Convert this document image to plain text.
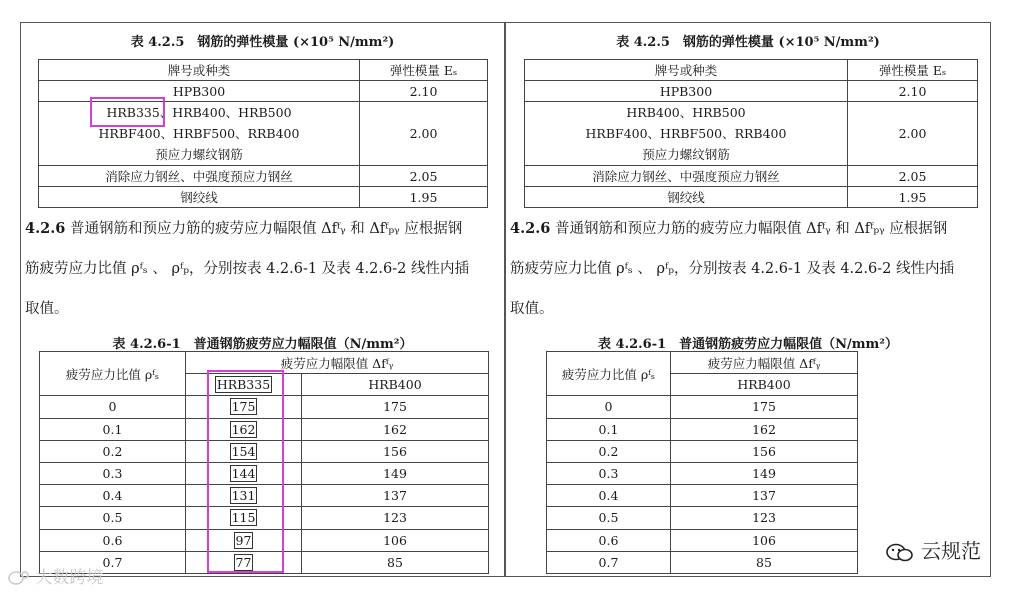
表 4.2.5　钢筋的弹性模量 (×10⁵ N/mm²)
牌号或种类	弹性模量 Eₛ
HPB300	2.10

HRB335、HRB400、HRB500
HRBF400、HRBF500、RRB400
预应力螺纹钢筋	2.00
消除应力钢丝、中强度预应力钢丝	2.05
钢绞线	1.95
4.2.6 普通钢筋和预应力筋的疲劳应力幅限值 Δfᶠᵧ 和 Δfᶠₚᵧ 应根据钢
筋疲劳应力比值 ρᶠₛ 、 ρᶠₚ，分别按表 4.2.6-1 及表 4.2.6-2 线性内插
取值。
表 4.2.6-1　普通钢筋疲劳应力幅限值（N/mm²）
疲劳应力比值 ρᶠₛ	疲劳应力幅限值 Δfᶠᵧ	
	HRB335	HRB400
0	175	175
0.1	162	162
0.2	154	156
0.3	144	149
0.4	131	137
0.5	115	123
0.6	97	106
0.7	77	85
表 4.2.5　钢筋的弹性模量 (×10⁵ N/mm²)
牌号或种类	弹性模量 Eₛ
HPB300	2.10

HRB400、HRB500
HRBF400、HRBF500、RRB400
预应力螺纹钢筋	2.00
消除应力钢丝、中强度预应力钢丝	2.05
钢绞线	1.95
4.2.6 普通钢筋和预应力筋的疲劳应力幅限值 Δfᶠᵧ 和 Δfᶠₚᵧ 应根据钢
筋疲劳应力比值 ρᶠₛ 、 ρᶠₚ，分别按表 4.2.6-1 及表 4.2.6-2 线性内插
取值。
表 4.2.6-1　普通钢筋疲劳应力幅限值（N/mm²）
疲劳应力比值 ρᶠₛ	疲劳应力幅限值 Δfᶠᵧ
	HRB400
0	175
0.1	162
0.2	156
0.3	149
0.4	137
0.5	123
0.6	106
0.7	85
大数跨境
云规范
